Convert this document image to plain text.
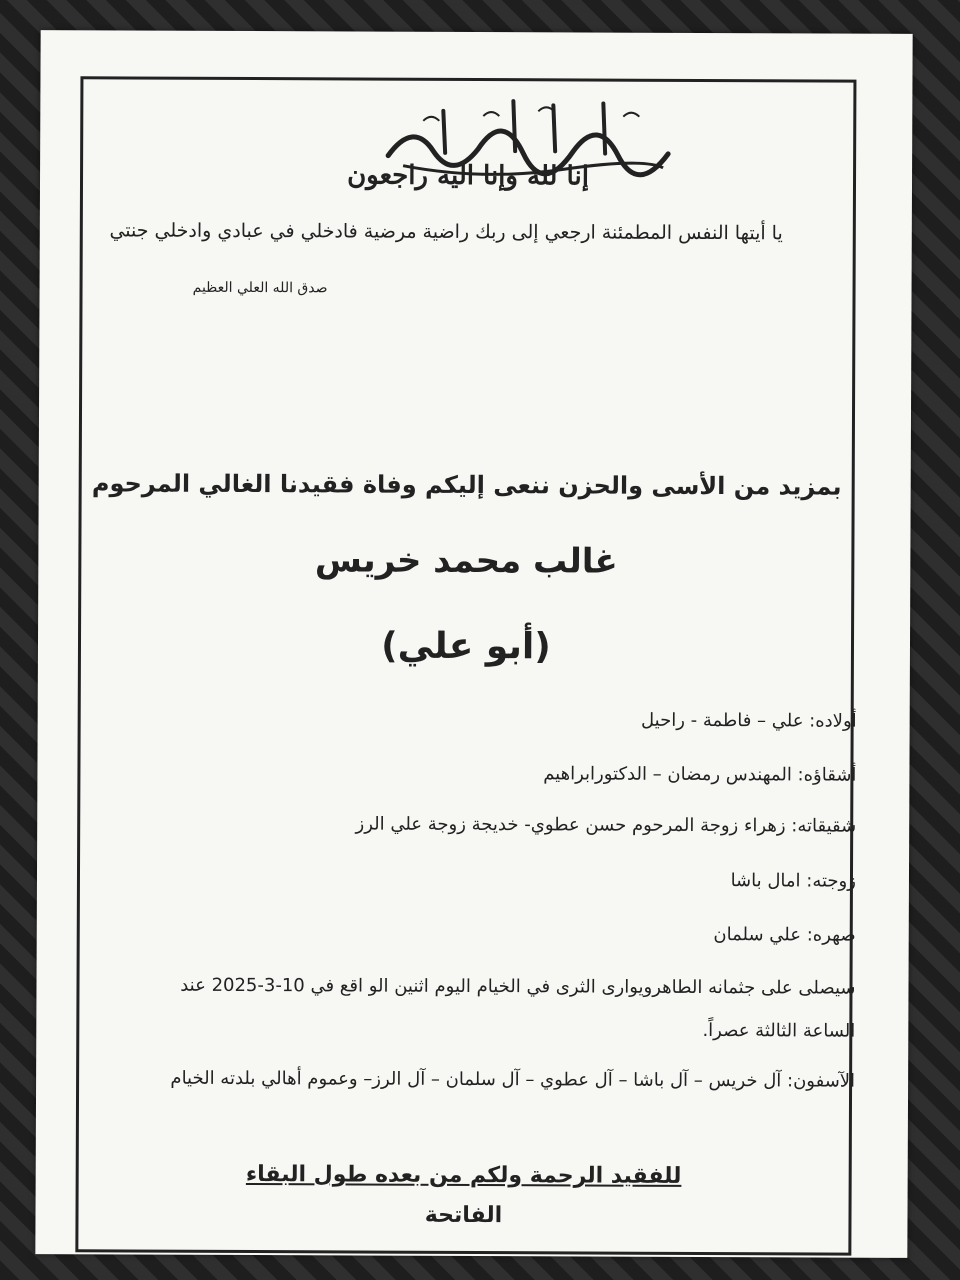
إنا لله وإنا اليه راجعون
يا أيتها النفس المطمئنة ارجعي إلى ربك راضية مرضية فادخلي في عبادي وادخلي جنتي
صدق الله العلي العظيم
بمزيد من الأسى والحزن ننعى إليكم وفاة فقيدنا الغالي المرحوم
غالب محمد خريس
(أبو علي)
أولاده: علي – فاطمة - راحيل
أشقاؤه: المهندس رمضان – الدكتورابراهيم
شقيقاته: زهراء زوجة المرحوم حسن عطوي- خديجة زوجة علي الرز
زوجته: امال باشا
صهره: علي سلمان
سيصلى على جثمانه الطاهرويوارى الثرى في الخيام اليوم اثنين الو اقع في 10-3-2025 عند
الساعة الثالثة عصراً.
الآسفون: آل خريس – آل باشا – آل عطوي – آل سلمان – آل الرز– وعموم أهالي بلدته الخيام
للفقيد الرحمة ولكم من بعده طول البقاء
الفاتحة
